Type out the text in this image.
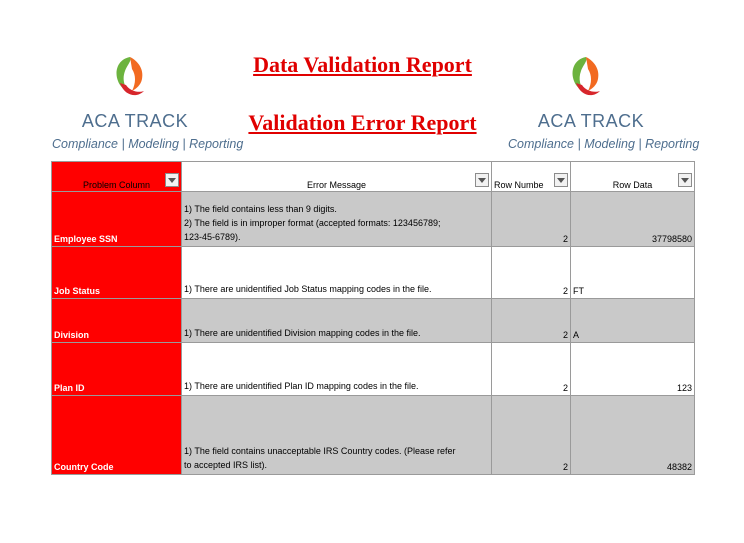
ACA TRACK
Compliance | Modeling | Reporting
ACA TRACK
Compliance | Modeling | Reporting
Data Validation Report
Validation Error Report
Problem Column	Error Message	Row Numbe	Row Data

Employee SSN	1) The field contains less than 9 digits.
2) The field is in improper format (accepted formats: 123456789;
123-45-6789).	2	37798580
Job Status	1) There are unidentified Job Status mapping codes in the file.	2	FT
Division	1) There are unidentified Division mapping codes in the file.	2	A
Plan ID	1) There are unidentified Plan ID mapping codes in the file.	2	123
Country Code	1) The field contains unacceptable IRS Country codes. (Please refer
to accepted IRS list).	2	48382
